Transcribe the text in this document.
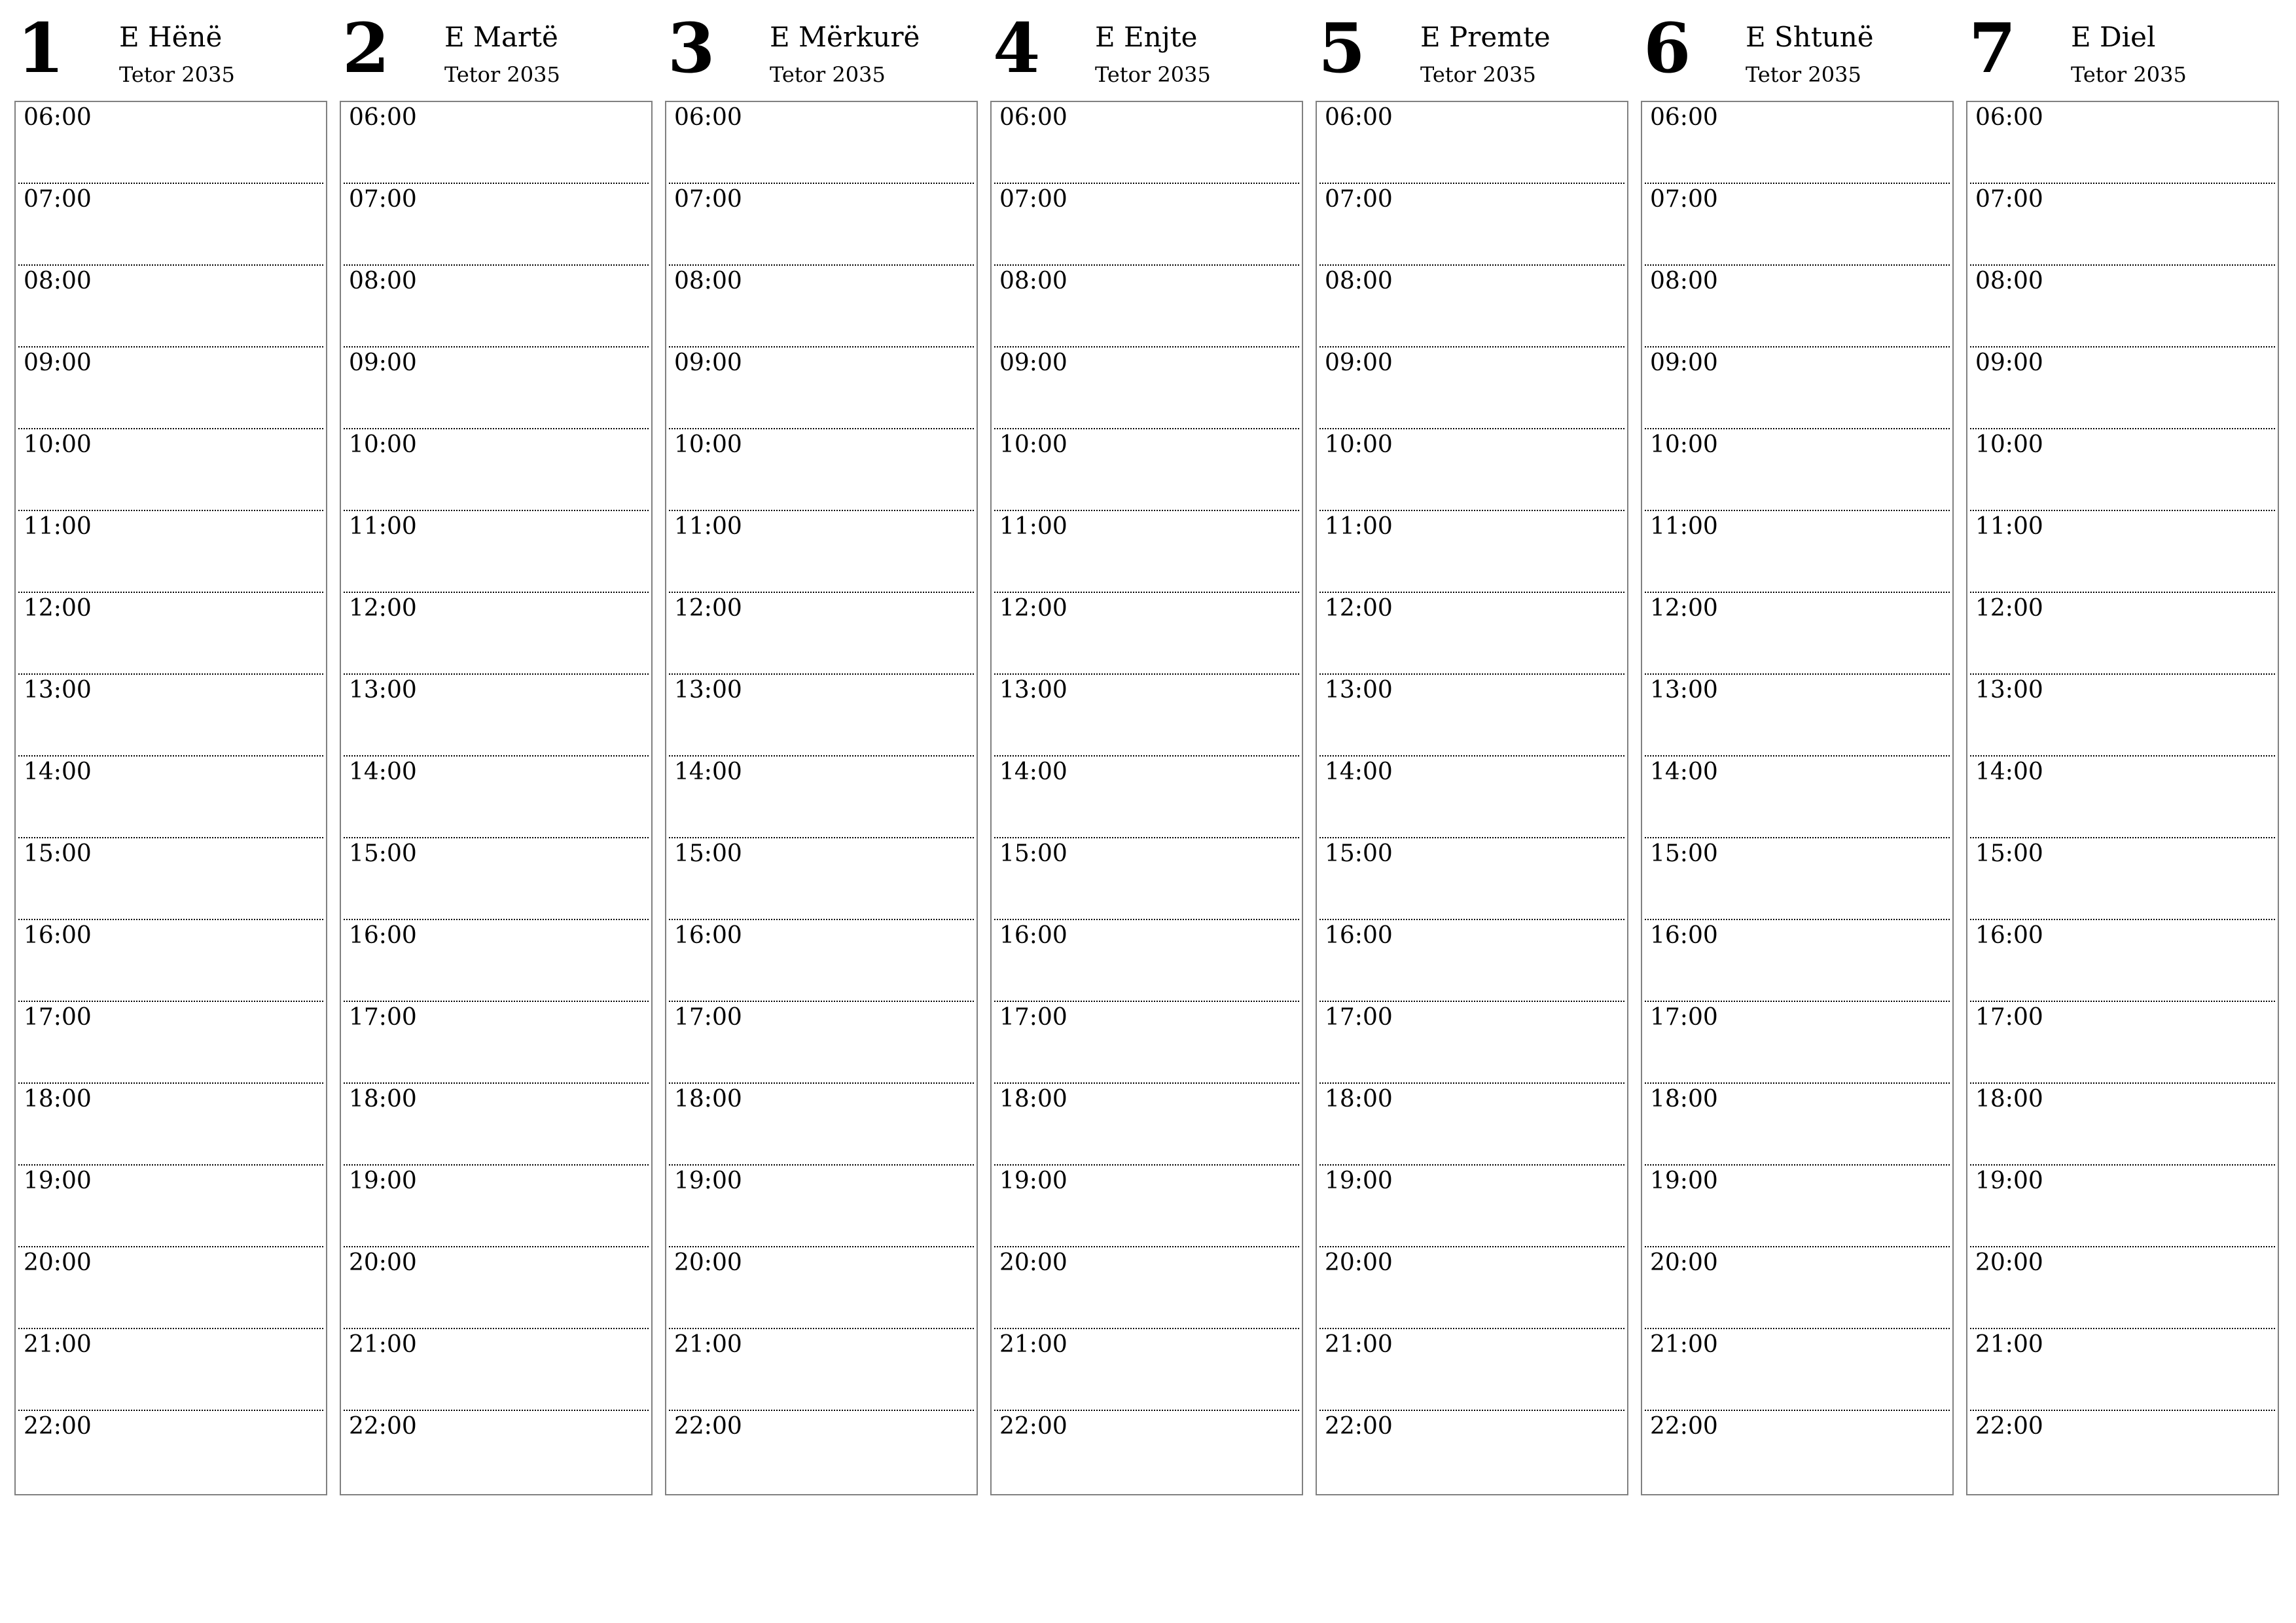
1 E Hënë
Tetor 2035
06:00
07:00
08:00
09:00
10:00
11:00
12:00
13:00
14:00
15:00
16:00
17:00
18:00
19:00
20:00
21:00
22:00
2 E Martë
Tetor 2035
06:00
07:00
08:00
09:00
10:00
11:00
12:00
13:00
14:00
15:00
16:00
17:00
18:00
19:00
20:00
21:00
22:00
3 E Mërkurë
Tetor 2035
06:00
07:00
08:00
09:00
10:00
11:00
12:00
13:00
14:00
15:00
16:00
17:00
18:00
19:00
20:00
21:00
22:00
4 E Enjte
Tetor 2035
06:00
07:00
08:00
09:00
10:00
11:00
12:00
13:00
14:00
15:00
16:00
17:00
18:00
19:00
20:00
21:00
22:00
5 E Premte
Tetor 2035
06:00
07:00
08:00
09:00
10:00
11:00
12:00
13:00
14:00
15:00
16:00
17:00
18:00
19:00
20:00
21:00
22:00
6 E Shtunë
Tetor 2035
06:00
07:00
08:00
09:00
10:00
11:00
12:00
13:00
14:00
15:00
16:00
17:00
18:00
19:00
20:00
21:00
22:00
7 E Diel
Tetor 2035
06:00
07:00
08:00
09:00
10:00
11:00
12:00
13:00
14:00
15:00
16:00
17:00
18:00
19:00
20:00
21:00
22:00
